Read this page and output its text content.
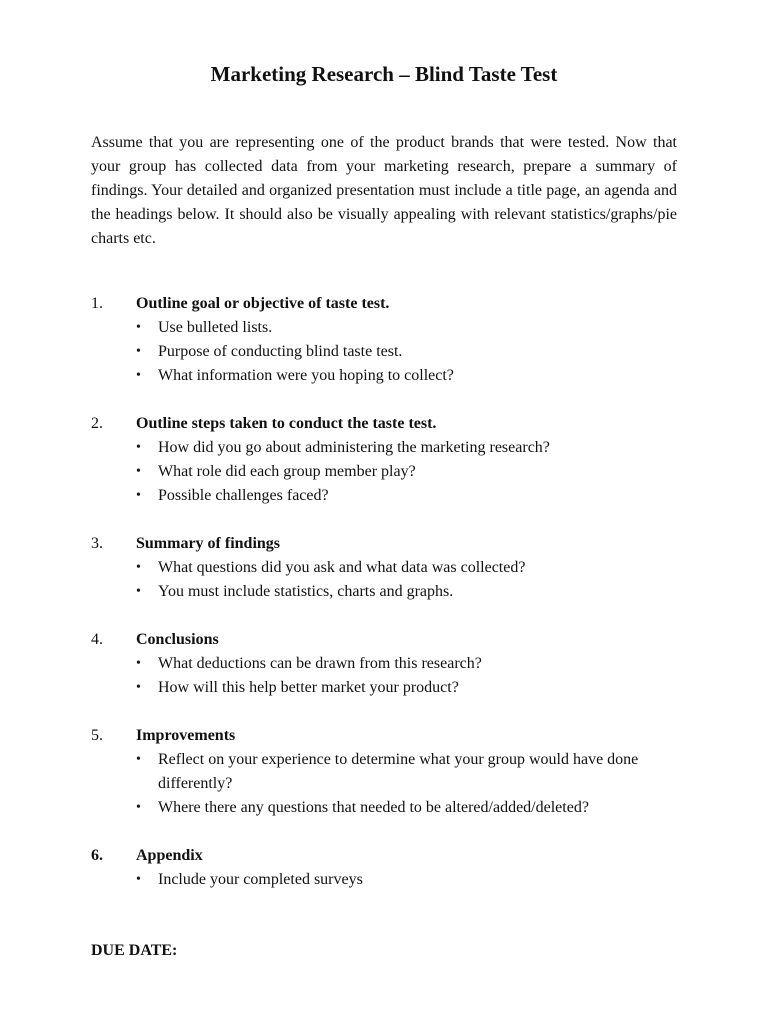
Marketing Research – Blind Taste Test

Assume that you are representing one of the product brands that were tested. Now that your group has collected data from your marketing research, prepare a summary of findings. Your detailed and organized presentation must include a title page, an agenda and the headings below. It should also be visually appealing with relevant statistics/graphs/pie charts etc.

1.	Outline goal or objective of taste test.
•	Use bulleted lists.
•	Purpose of conducting blind taste test.
•	What information were you hoping to collect?
2.	Outline steps taken to conduct the taste test.
•	How did you go about administering the marketing research?
•	What role did each group member play?
•	Possible challenges faced?
3.	Summary of findings
•	What questions did you ask and what data was collected?
•	You must include statistics, charts and graphs.
4.	Conclusions
•	What deductions can be drawn from this research?
•	How will this help better market your product?
5.	Improvements
•	Reflect on your experience to determine what your group would have done differently?
•	Where there any questions that needed to be altered/added/deleted?
6.	Appendix
•	Include your completed surveys

DUE DATE:
